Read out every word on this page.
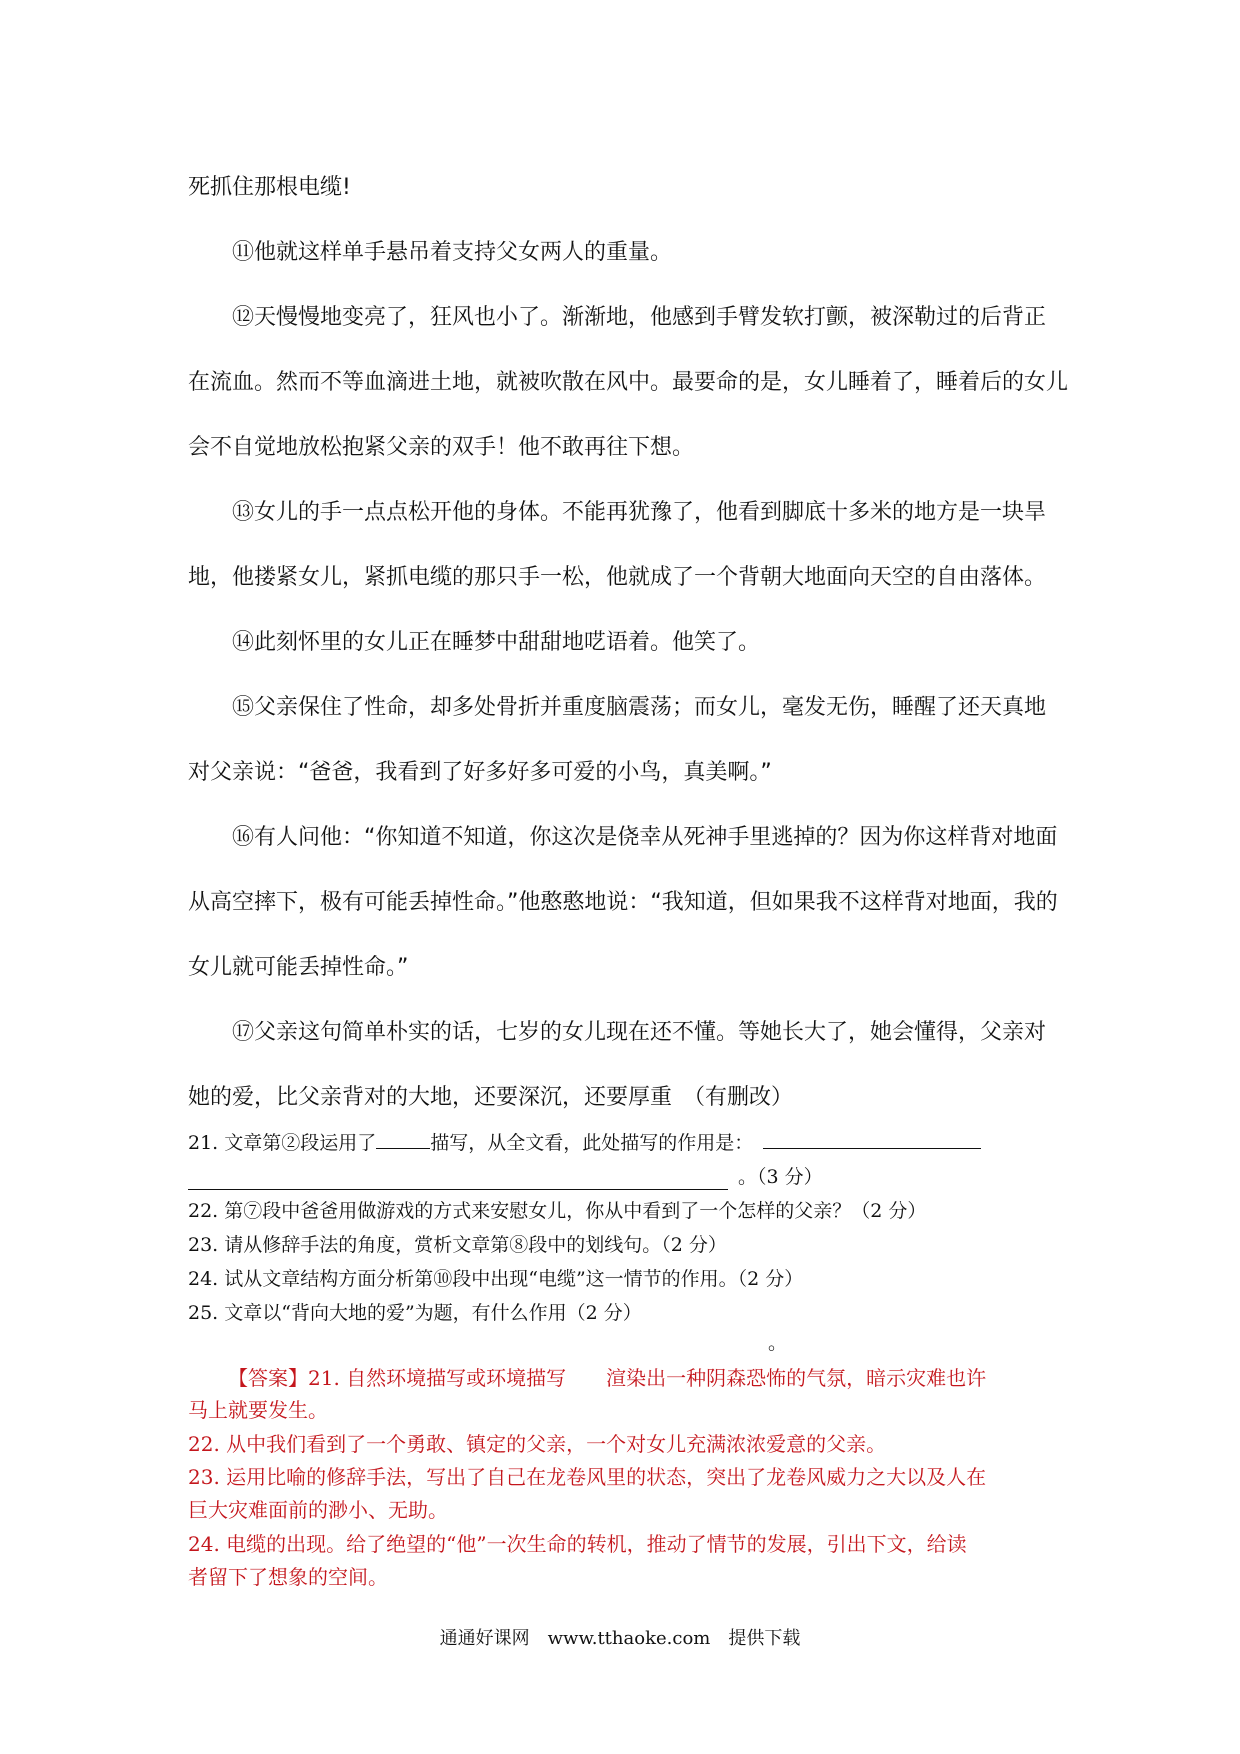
死抓住那根电缆!
⑪他就这样单手悬吊着支持父女两人的重量。
⑫天慢慢地变亮了，狂风也小了。渐渐地，他感到手臂发软打颤，被深勒过的后背正
在流血。然而不等血滴进土地，就被吹散在风中。最要命的是，女儿睡着了，睡着后的女儿
会不自觉地放松抱紧父亲的双手！他不敢再往下想。
⑬女儿的手一点点松开他的身体。不能再犹豫了，他看到脚底十多米的地方是一块旱
地，他搂紧女儿，紧抓电缆的那只手一松，他就成了一个背朝大地面向天空的自由落体。
⑭此刻怀里的女儿正在睡梦中甜甜地呓语着。他笑了。
⑮父亲保住了性命，却多处骨折并重度脑震荡；而女儿，毫发无伤，睡醒了还天真地
对父亲说：“爸爸，我看到了好多好多可爱的小鸟，真美啊。”
⑯有人问他：“你知道不知道，你这次是侥幸从死神手里逃掉的？因为你这样背对地面
从高空摔下，极有可能丢掉性命。”他憨憨地说：“我知道，但如果我不这样背对地面，我的
女儿就可能丢掉性命。”
⑰父亲这句简单朴实的话，七岁的女儿现在还不懂。等她长大了，她会懂得，父亲对
她的爱，比父亲背对的大地，还要深沉，还要厚重　（有删改）
21. 文章第②段运用了	描写，从全文看，此处描写的作用是：
。（3 分）
22. 第⑦段中爸爸用做游戏的方式来安慰女儿，你从中看到了一个怎样的父亲？（2 分）
23. 请从修辞手法的角度，赏析文章第⑧段中的划线句。（2 分）
24. 试从文章结构方面分析第⑩段中出现“电缆”这一情节的作用。（2 分）
25. 文章以“背向大地的爱”为题，有什么作用（2 分）
。
【答案】21. 自然环境描写或环境描写　　渲染出一种阴森恐怖的气氛，暗示灾难也许
马上就要发生。
22. 从中我们看到了一个勇敢、镇定的父亲，一个对女儿充满浓浓爱意的父亲。
23. 运用比喻的修辞手法，写出了自己在龙卷风里的状态，突出了龙卷风威力之大以及人在
巨大灾难面前的渺小、无助。
24. 电缆的出现。给了绝望的“他”一次生命的转机，推动了情节的发展，引出下文，给读
者留下了想象的空间。
通通好课网　www.tthaoke.com　提供下载
